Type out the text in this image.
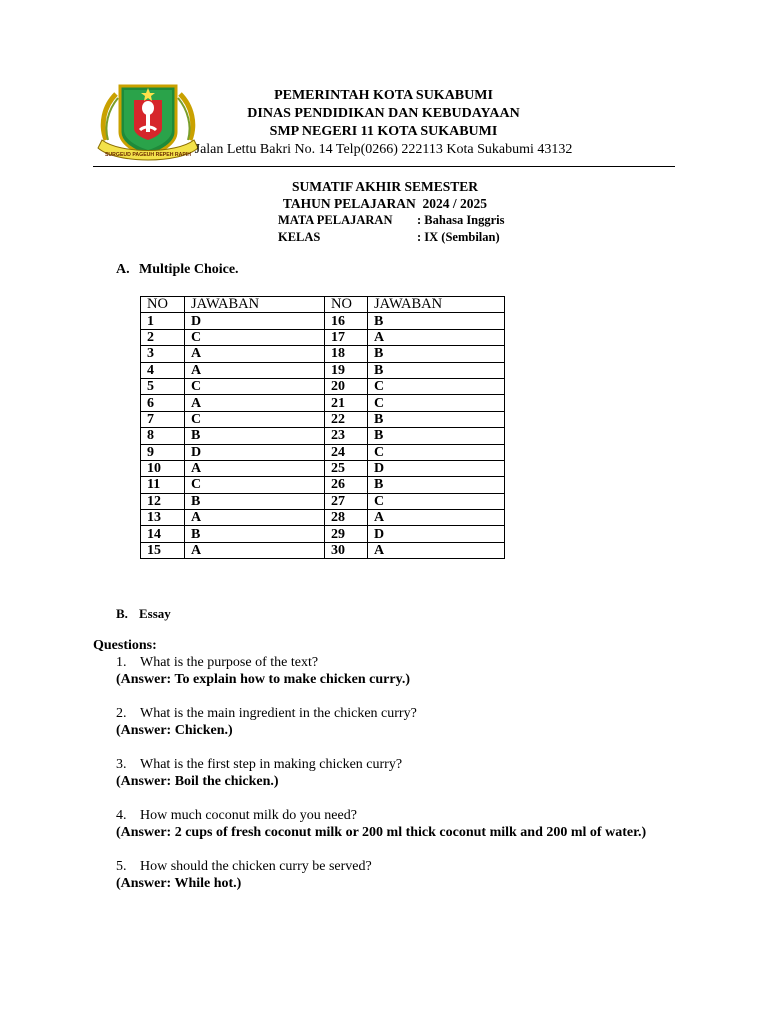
SURGEUD PAGEUH REPEH RAPIH
PEMERINTAH KOTA SUKABUMI
DINAS PENDIDIKAN DAN KEBUDAYAAN
SMP NEGERI 11 KOTA SUKABUMI
Jalan Lettu Bakri No. 14 Telp(0266) 222113 Kota Sukabumi 43132
SUMATIF AKHIR SEMESTER
TAHUN PELAJARAN  2024 / 2025
MATA PELAJARAN : Bahasa Inggris
KELAS	: IX (Sembilan)
A. Multiple Choice.
NO	JAWABAN	NO	JAWABAN
1	D	16	B
2	C	17	A
3	A	18	B
4	A	19	B
5	C	20	C
6	A	21	C
7	C	22	B
8	B	23	B
9	D	24	C
10	A	25	D
11	C	26	B
12	B	27	C
13	A	28	A
14	B	29	D
15	A	30	A
B. Essay
Questions:
1. What is the purpose of the text?
(Answer: To explain how to make chicken curry.)
2. What is the main ingredient in the chicken curry?
(Answer: Chicken.)
3. What is the first step in making chicken curry?
(Answer: Boil the chicken.)
4. How much coconut milk do you need?
(Answer: 2 cups of fresh coconut milk or 200 ml thick coconut milk and 200 ml of water.)
5. How should the chicken curry be served?
(Answer: While hot.)
